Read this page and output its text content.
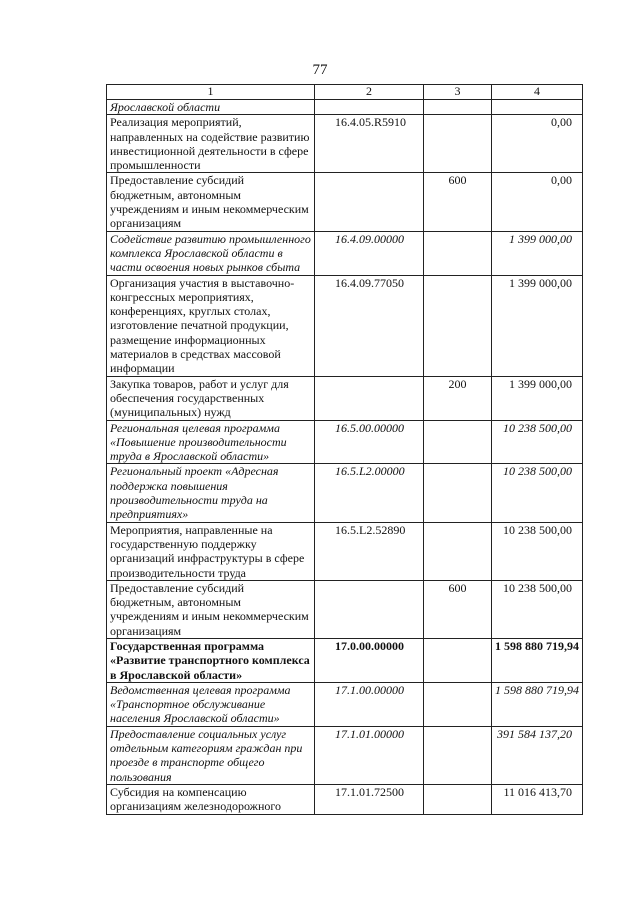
77
1	2	3	4
Ярославской области			
Реализация мероприятий, направленных на содействие развитию инвестиционной деятельности в сфере промышленности	16.4.05.R5910		0,00
Предоставление субсидий бюджетным, автономным учреждениям и иным некоммерческим организациям		600	0,00
Содействие развитию промышленного комплекса Ярославской области в части освоения новых рынков сбыта	16.4.09.00000		1 399 000,00
Организация участия в выставочно-конгрессных мероприятиях, конференциях, круглых столах, изготовление печатной продукции, размещение информационных материалов в средствах массовой информации	16.4.09.77050		1 399 000,00
Закупка товаров, работ и услуг для обеспечения государственных (муниципальных) нужд		200	1 399 000,00
Региональная целевая программа «Повышение производительности труда в Ярославской области»	16.5.00.00000		10 238 500,00
Региональный проект «Адресная поддержка повышения производительности труда на предприятиях»	16.5.L2.00000		10 238 500,00
Мероприятия, направленные на государственную поддержку организаций инфраструктуры в сфере производительности труда	16.5.L2.52890		10 238 500,00
Предоставление субсидий бюджетным, автономным учреждениям и иным некоммерческим организациям		600	10 238 500,00
Государственная программа «Развитие транспортного комплекса в Ярославской области»	17.0.00.00000		1 598 880 719,94
Ведомственная целевая программа «Транспортное обслуживание населения Ярославской области»	17.1.00.00000		1 598 880 719,94
Предоставление социальных услуг отдельным категориям граждан при проезде в транспорте общего пользования	17.1.01.00000		391 584 137,20
Субсидия на компенсацию организациям железнодорожного	17.1.01.72500		11 016 413,70
